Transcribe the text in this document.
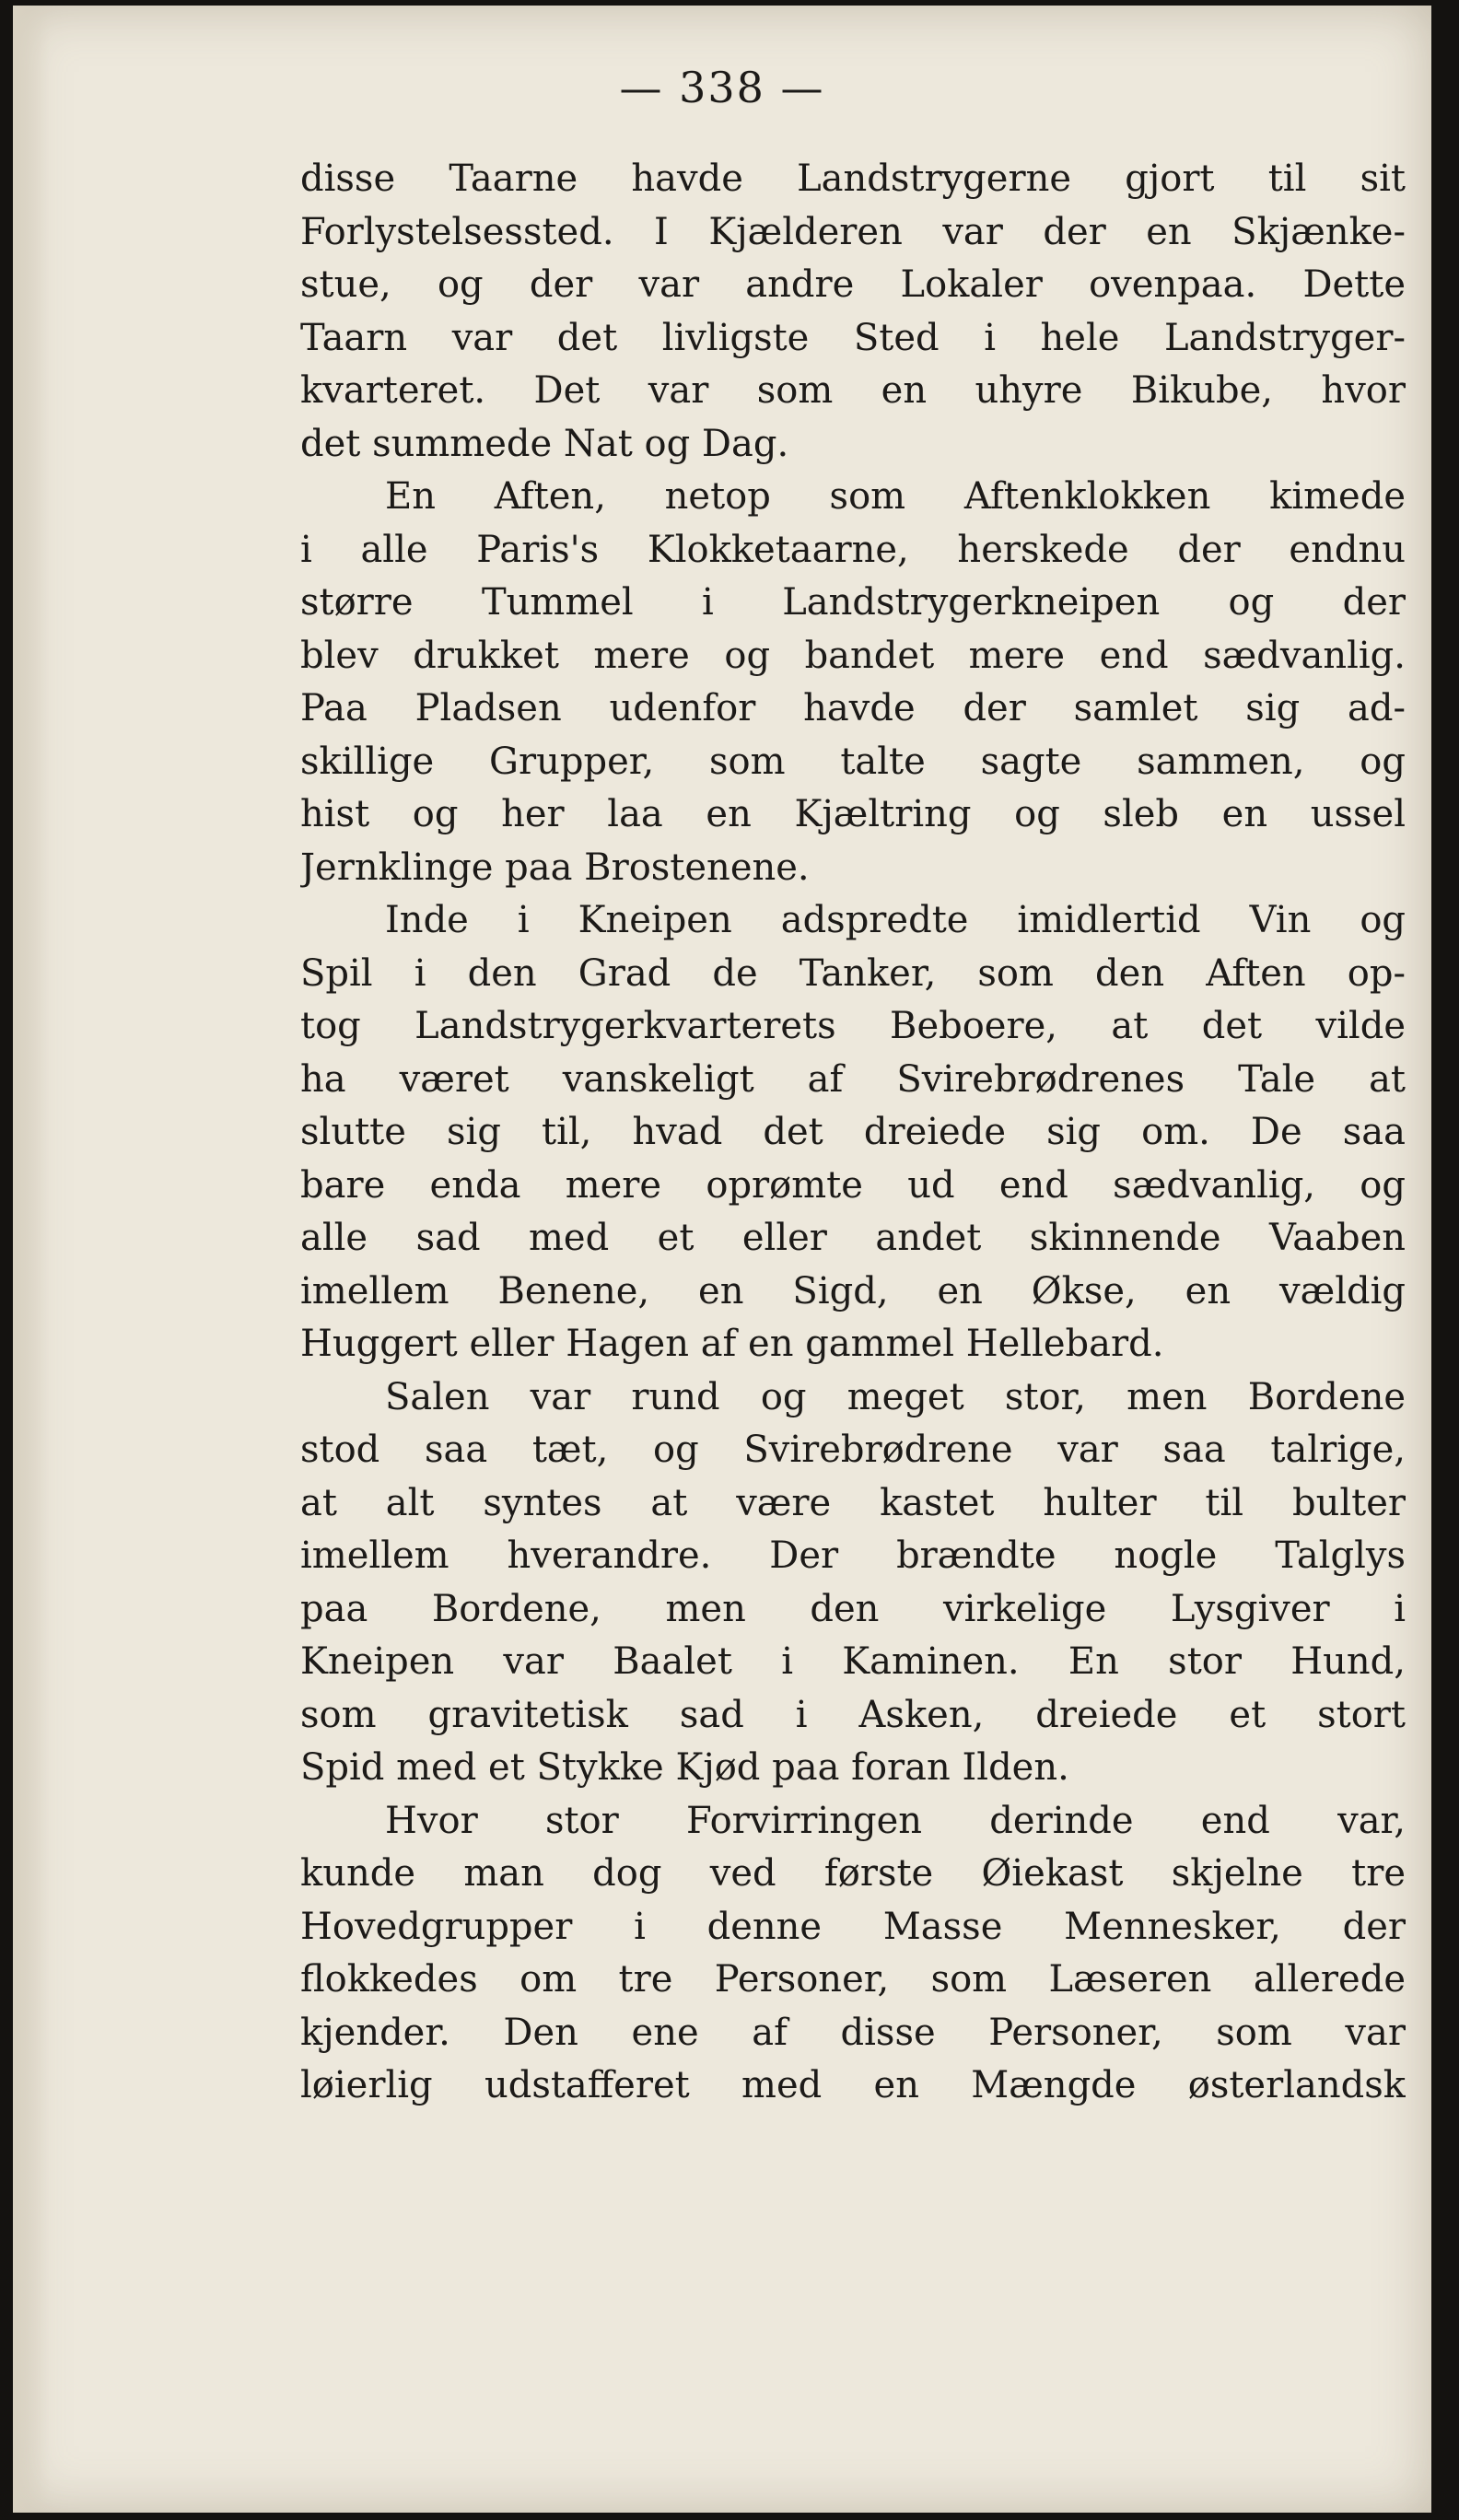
— 338 —
disse Taarne havde Landstrygerne gjort til sit
Forlystelsessted. I Kjælderen var der en Skjænke-
stue, og der var andre Lokaler ovenpaa. Dette
Taarn var det livligste Sted i hele Landstryger-
kvarteret. Det var som en uhyre Bikube, hvor
det summede Nat og Dag.
En Aften, netop som Aftenklokken kimede
i alle Paris's Klokketaarne, herskede der endnu
større Tummel i Landstrygerkneipen og der
blev drukket mere og bandet mere end sædvanlig.
Paa Pladsen udenfor havde der samlet sig ad-
skillige Grupper, som talte sagte sammen, og
hist og her laa en Kjæltring og sleb en ussel
Jernklinge paa Brostenene.
Inde i Kneipen adspredte imidlertid Vin og
Spil i den Grad de Tanker, som den Aften op-
tog Landstrygerkvarterets Beboere, at det vilde
ha været vanskeligt af Svirebrødrenes Tale at
slutte sig til, hvad det dreiede sig om. De saa
bare enda mere oprømte ud end sædvanlig, og
alle sad med et eller andet skinnende Vaaben
imellem Benene, en Sigd, en Økse, en vældig
Huggert eller Hagen af en gammel Hellebard.
Salen var rund og meget stor, men Bordene
stod saa tæt, og Svirebrødrene var saa talrige,
at alt syntes at være kastet hulter til bulter
imellem hverandre. Der brændte nogle Talglys
paa Bordene, men den virkelige Lysgiver i
Kneipen var Baalet i Kaminen. En stor Hund,
som gravitetisk sad i Asken, dreiede et stort
Spid med et Stykke Kjød paa foran Ilden.
Hvor stor Forvirringen derinde end var,
kunde man dog ved første Øiekast skjelne tre
Hovedgrupper i denne Masse Mennesker, der
flokkedes om tre Personer, som Læseren allerede
kjender. Den ene af disse Personer, som var
løierlig udstafferet med en Mængde østerlandsk
